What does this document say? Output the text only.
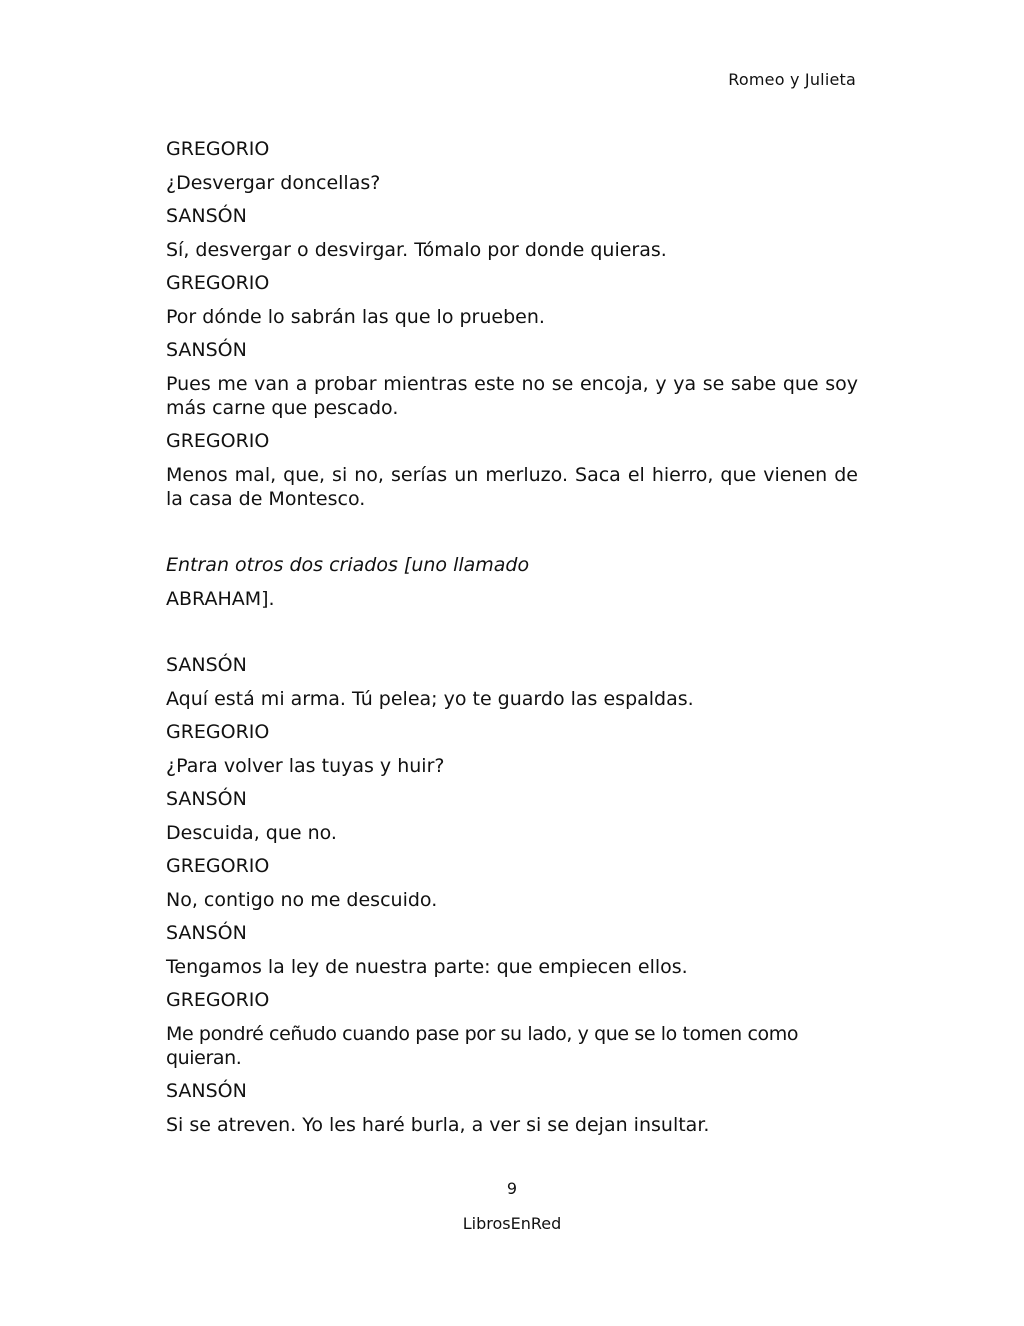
Romeo y Julieta

GREGORIO

¿Desvergar doncellas?

SANSÓN

Sí, desvergar o desvirgar. Tómalo por donde quieras.

GREGORIO

Por dónde lo sabrán las que lo prueben.

SANSÓN

Pues me van a probar mientras este no se encoja, y ya se sabe que soy más carne que pescado.

GREGORIO

Menos mal, que, si no, serías un merluzo. Saca el hierro, que vienen de la casa de Montesco.

Entran otros dos criados [uno llamado

ABRAHAM].

SANSÓN

Aquí está mi arma. Tú pelea; yo te guardo las espaldas.

GREGORIO

¿Para volver las tuyas y huir?

SANSÓN

Descuida, que no.

GREGORIO

No, contigo no me descuido.

SANSÓN

Tengamos la ley de nuestra parte: que empiecen ellos.

GREGORIO

Me pondré ceñudo cuando pase por su lado, y que se lo tomen como quieran.

SANSÓN

Si se atreven. Yo les haré burla, a ver si se dejan insultar.

9
LibrosEnRed
